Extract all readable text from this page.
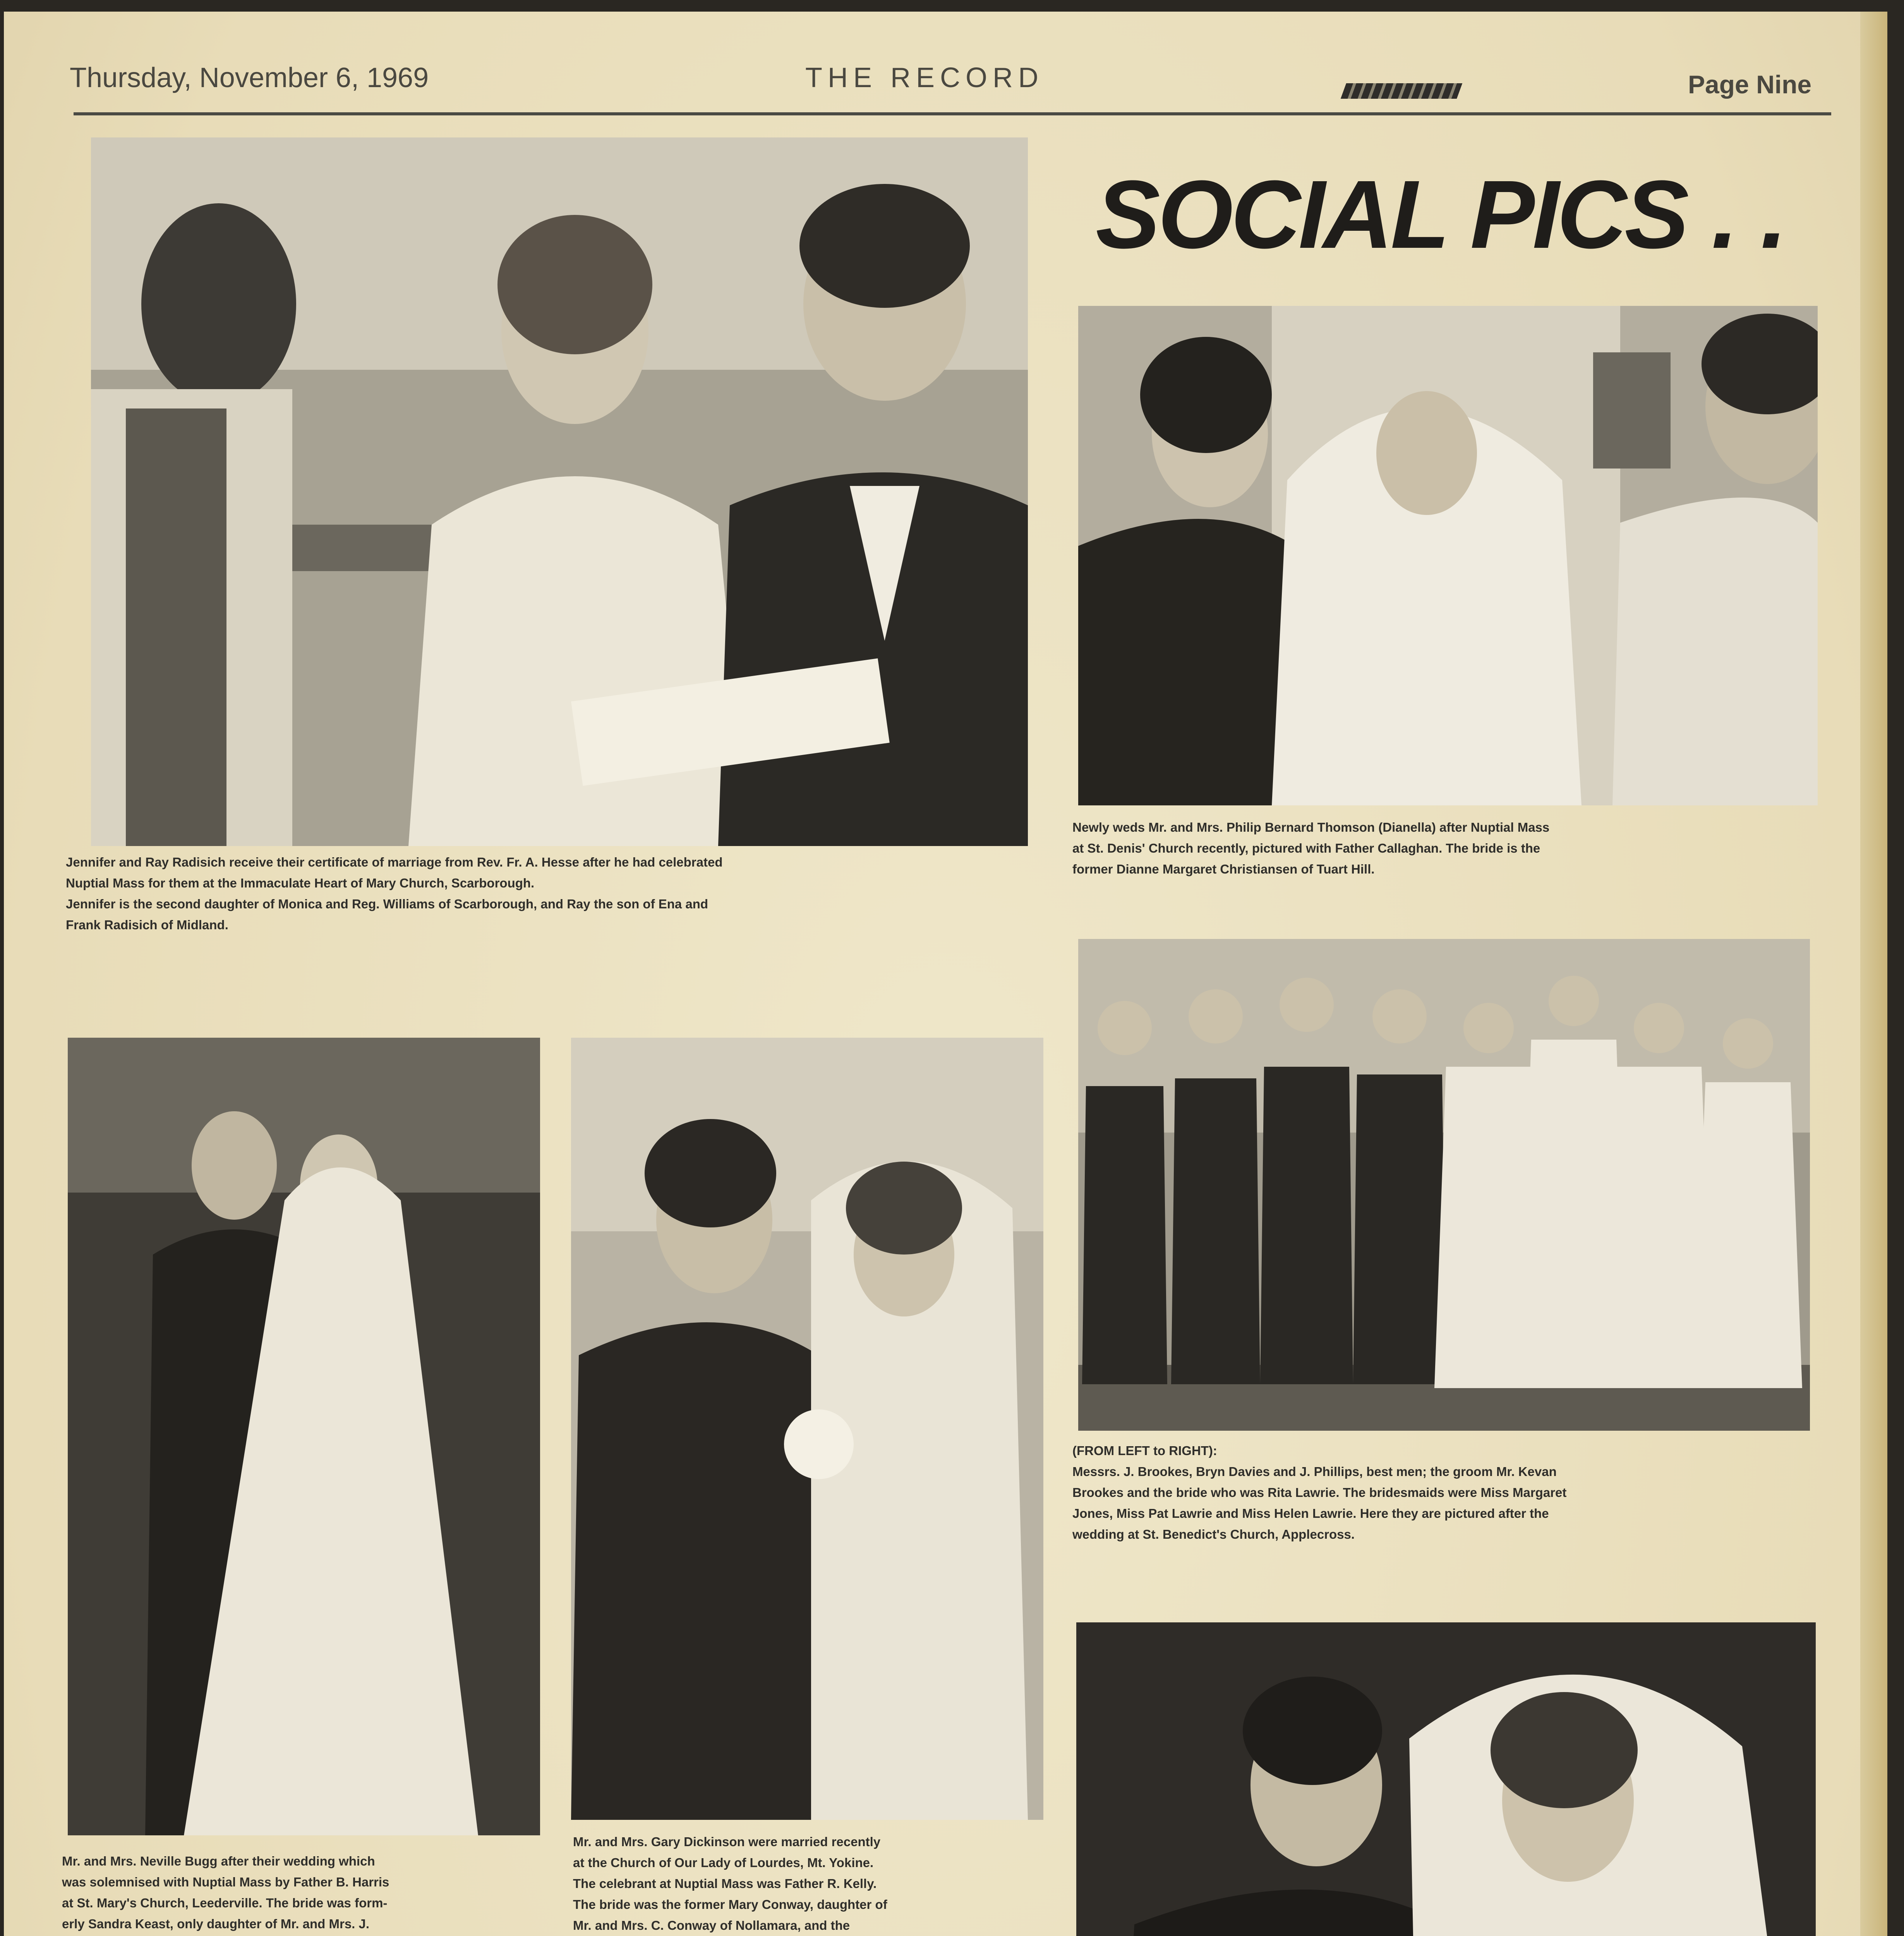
Thursday, November 6, 1969	THE RECORD	Page Nine
SOCIAL PICS . .

Jennifer and Ray Radisich receive their certificate of marriage from Rev. Fr. A. Hesse after he had celebrated

Nuptial Mass for them at the Immaculate Heart of Mary Church, Scarborough.

Jennifer is the second daughter of Monica and Reg. Williams of Scarborough, and Ray the son of Ena and

Frank Radisich of Midland.

Newly weds Mr. and Mrs. Philip Bernard Thomson (Dianella) after Nuptial Mass

at St. Denis' Church recently, pictured with Father Callaghan. The bride is the

former Dianne Margaret Christiansen of Tuart Hill.

(FROM LEFT to RIGHT):

Messrs. J. Brookes, Bryn Davies and J. Phillips, best men; the groom Mr. Kevan

Brookes and the bride who was Rita Lawrie. The bridesmaids were Miss Margaret

Jones, Miss Pat Lawrie and Miss Helen Lawrie. Here they are pictured after the

wedding at St. Benedict's Church, Applecross.

Mr. and Mrs. Neville Bugg after their wedding which

was solemnised with Nuptial Mass by Father B. Harris

at St. Mary's Church, Leederville. The bride was form-

erly Sandra Keast, only daughter of Mr. and Mrs. J.

Mr. and Mrs. Gary Dickinson were married recently

at the Church of Our Lady of Lourdes, Mt. Yokine.

The celebrant at Nuptial Mass was Father R. Kelly.

The bride was the former Mary Conway, daughter of

Mr. and Mrs. C. Conway of Nollamara, and the
